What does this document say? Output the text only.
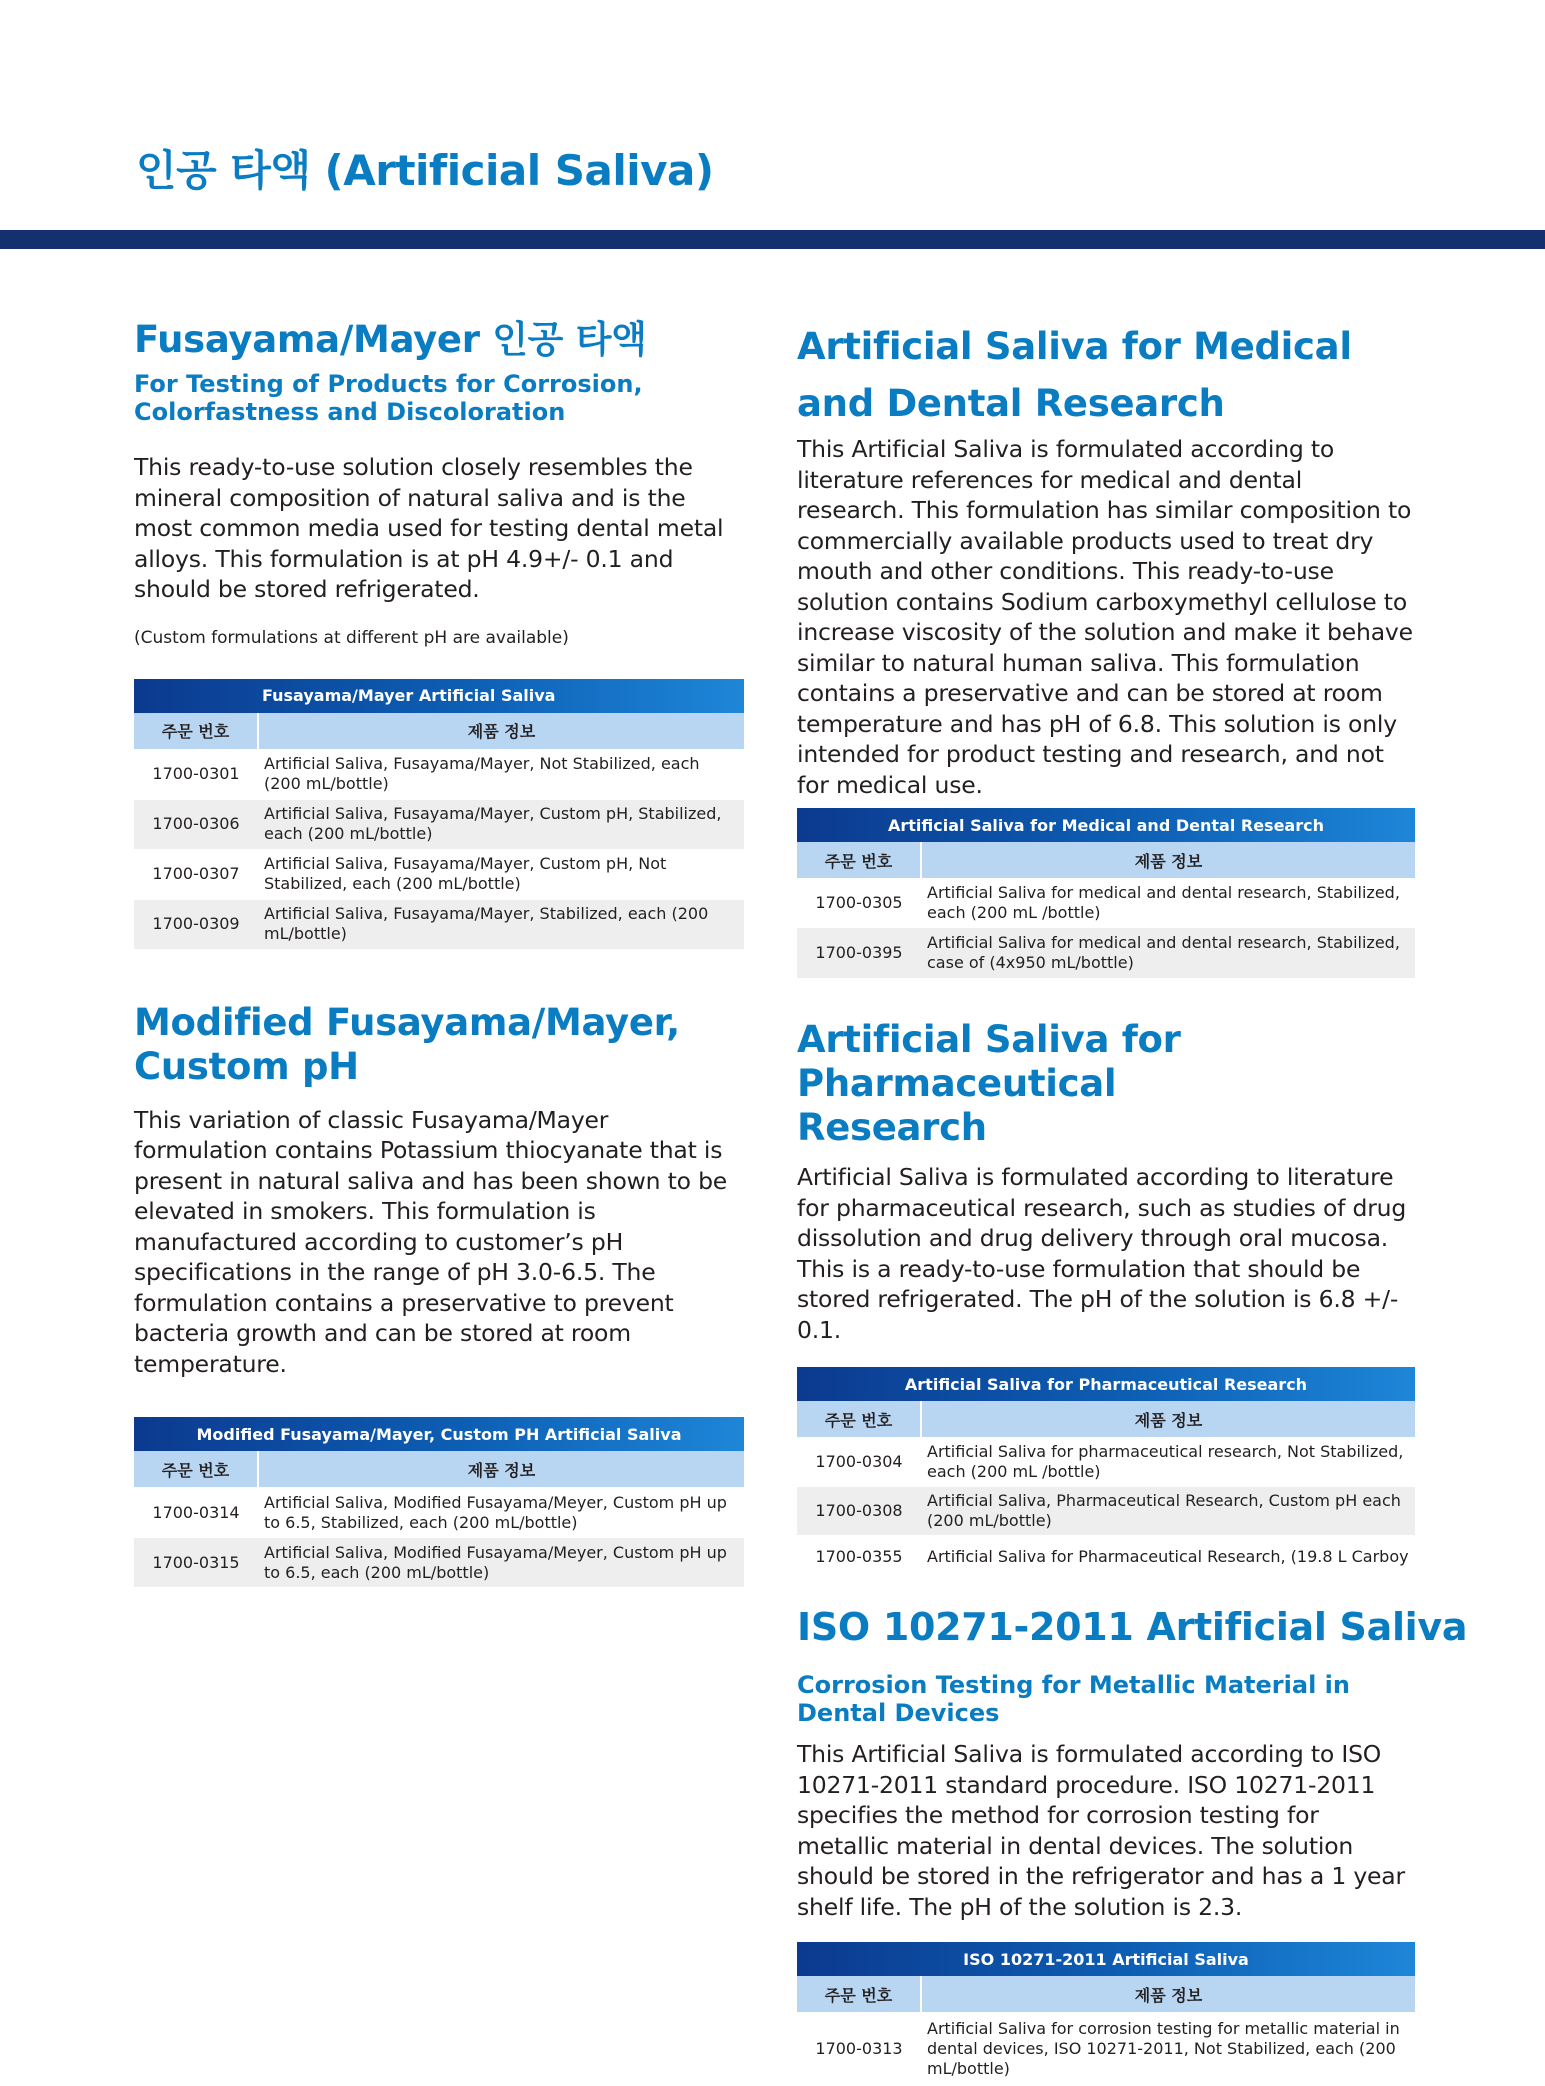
인공 타액 (Artificial Saliva)
Fusayama/Mayer 인공 타액
For Testing of Products for Corrosion, Colorfastness and Discoloration

This ready-to-use solution closely resembles the mineral composition of natural saliva and is the most common media used for testing dental metal alloys. This formulation is at pH 4.9+/- 0.1 and should be stored refrigerated.

(Custom formulations at different pH are available)

Fusayama/Mayer Artificial Saliva	

주문 번호	제품 정보
1700-0301	Artificial Saliva, Fusayama/Mayer, Not Stabilized, each (200 mL/bottle)
1700-0306	Artificial Saliva, Fusayama/Mayer, Custom pH, Stabilized, each (200 mL/bottle)
1700-0307	Artificial Saliva, Fusayama/Mayer, Custom pH, Not Stabilized, each (200 mL/bottle)
1700-0309	Artificial Saliva, Fusayama/Mayer, Stabilized, each (200 mL/bottle)
Modified Fusayama/Mayer, Custom pH

This variation of classic Fusayama/Mayer formulation contains Potassium thiocyanate that is present in natural saliva and has been shown to be elevated in smokers. This formulation is manufactured according to customer’s pH specifications in the range of pH 3.0-6.5. The formulation contains a preservative to prevent bacteria growth and can be stored at room temperature.

Modified Fusayama/Mayer, Custom PH Artificial Saliva	
주문 번호	제품 정보
1700-0314	Artificial Saliva, Modified Fusayama/Meyer, Custom pH up to 6.5, Stabilized, each (200 mL/bottle)
1700-0315	Artificial Saliva, Modified Fusayama/Meyer, Custom pH up to 6.5, each (200 mL/bottle)
Artificial Saliva for Medical and Dental Research

This Artificial Saliva is formulated according to literature references for medical and dental research. This formulation has similar composition to commercially available products used to treat dry mouth and other conditions. This ready-to-use solution contains Sodium carboxymethyl cellulose to increase viscosity of the solution and make it behave similar to natural human saliva. This formulation contains a preservative and can be stored at room temperature and has pH of 6.8. This solution is only intended for product testing and research, and not for medical use.

Artificial Saliva for Medical and Dental Research	
주문 번호	제품 정보
1700-0305	Artificial Saliva for medical and dental research, Stabilized, each (200 mL /bottle)
1700-0395	Artificial Saliva for medical and dental research, Stabilized, case of (4x950 mL/bottle)
Artificial Saliva for Pharmaceutical Research

Artificial Saliva is formulated according to literature for pharmaceutical research, such as studies of drug dissolution and drug delivery through oral mucosa. This is a ready-to-use formulation that should be stored refrigerated. The pH of the solution is 6.8 +/- 0.1.

Artificial Saliva for Pharmaceutical Research	
주문 번호	제품 정보
1700-0304	Artificial Saliva for pharmaceutical research, Not Stabilized, each (200 mL /bottle)
1700-0308	Artificial Saliva, Pharmaceutical Research, Custom pH each (200 mL/bottle)
1700-0355	Artificial Saliva for Pharmaceutical Research, (19.8 L Carboy
ISO 10271-2011 Artificial Saliva
Corrosion Testing for Metallic Material in Dental Devices

This Artificial Saliva is formulated according to ISO 10271-2011 standard procedure. ISO 10271-2011 specifies the method for corrosion testing for metallic material in dental devices. The solution should be stored in the refrigerator and has a 1 year shelf life. The pH of the solution is 2.3.

ISO 10271-2011 Artificial Saliva	
주문 번호	제품 정보
1700-0313	Artificial Saliva for corrosion testing for metallic material in dental devices, ISO 10271-2011, Not Stabilized, each (200 mL/bottle)
